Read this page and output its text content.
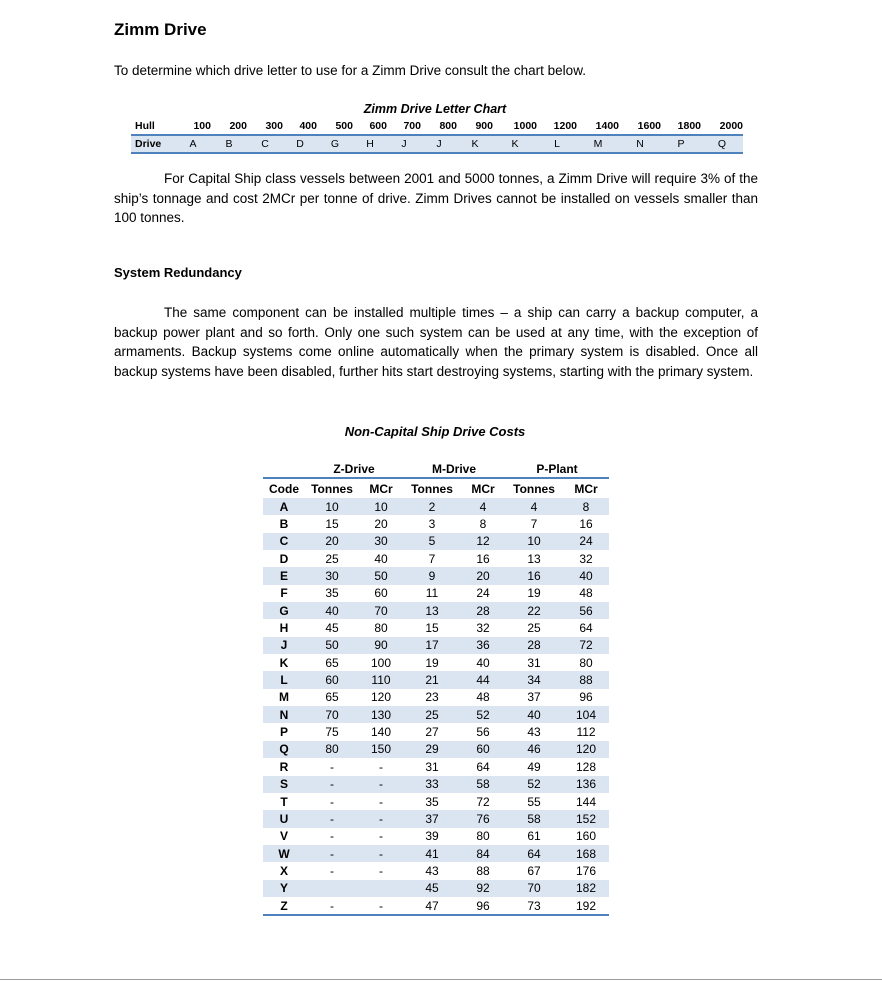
Zimm Drive
To determine which drive letter to use for a Zimm Drive consult the chart below.
Zimm Drive Letter Chart
Hull	100	200	300	400	500	600	700	800	900	1000	1200	1400	1600	1800	2000
Drive	A	B	C	D	G	H	J	J	K	K	L	M	N	P	Q
For Capital Ship class vessels between 2001 and 5000 tonnes, a Zimm Drive will require 3% of the ship’s tonnage and cost 2MCr per tonne of drive. Zimm Drives cannot be installed on vessels smaller than 100 tonnes.
System Redundancy
The same component can be installed multiple times – a ship can carry a backup computer, a backup power plant and so forth. Only one such system can be used at any time, with the exception of armaments. Backup systems come online automatically when the primary system is disabled. Once all backup systems have been disabled, further hits start destroying systems, starting with the primary system.
Non-Capital Ship Drive Costs
	Z-Drive		M-Drive		P-Plant	
Code	Tonnes	MCr	Tonnes	MCr	Tonnes	MCr
A	10	10	2	4	4	8
B	15	20	3	8	7	16
C	20	30	5	12	10	24
D	25	40	7	16	13	32
E	30	50	9	20	16	40
F	35	60	11	24	19	48
G	40	70	13	28	22	56
H	45	80	15	32	25	64
J	50	90	17	36	28	72
K	65	100	19	40	31	80
L	60	110	21	44	34	88
M	65	120	23	48	37	96
N	70	130	25	52	40	104
P	75	140	27	56	43	112
Q	80	150	29	60	46	120
R	-	-	31	64	49	128
S	-	-	33	58	52	136
T	-	-	35	72	55	144
U	-	-	37	76	58	152
V	-	-	39	80	61	160
W	-	-	41	84	64	168
X	-	-	43	88	67	176
Y			45	92	70	182
Z	-	-	47	96	73	192
